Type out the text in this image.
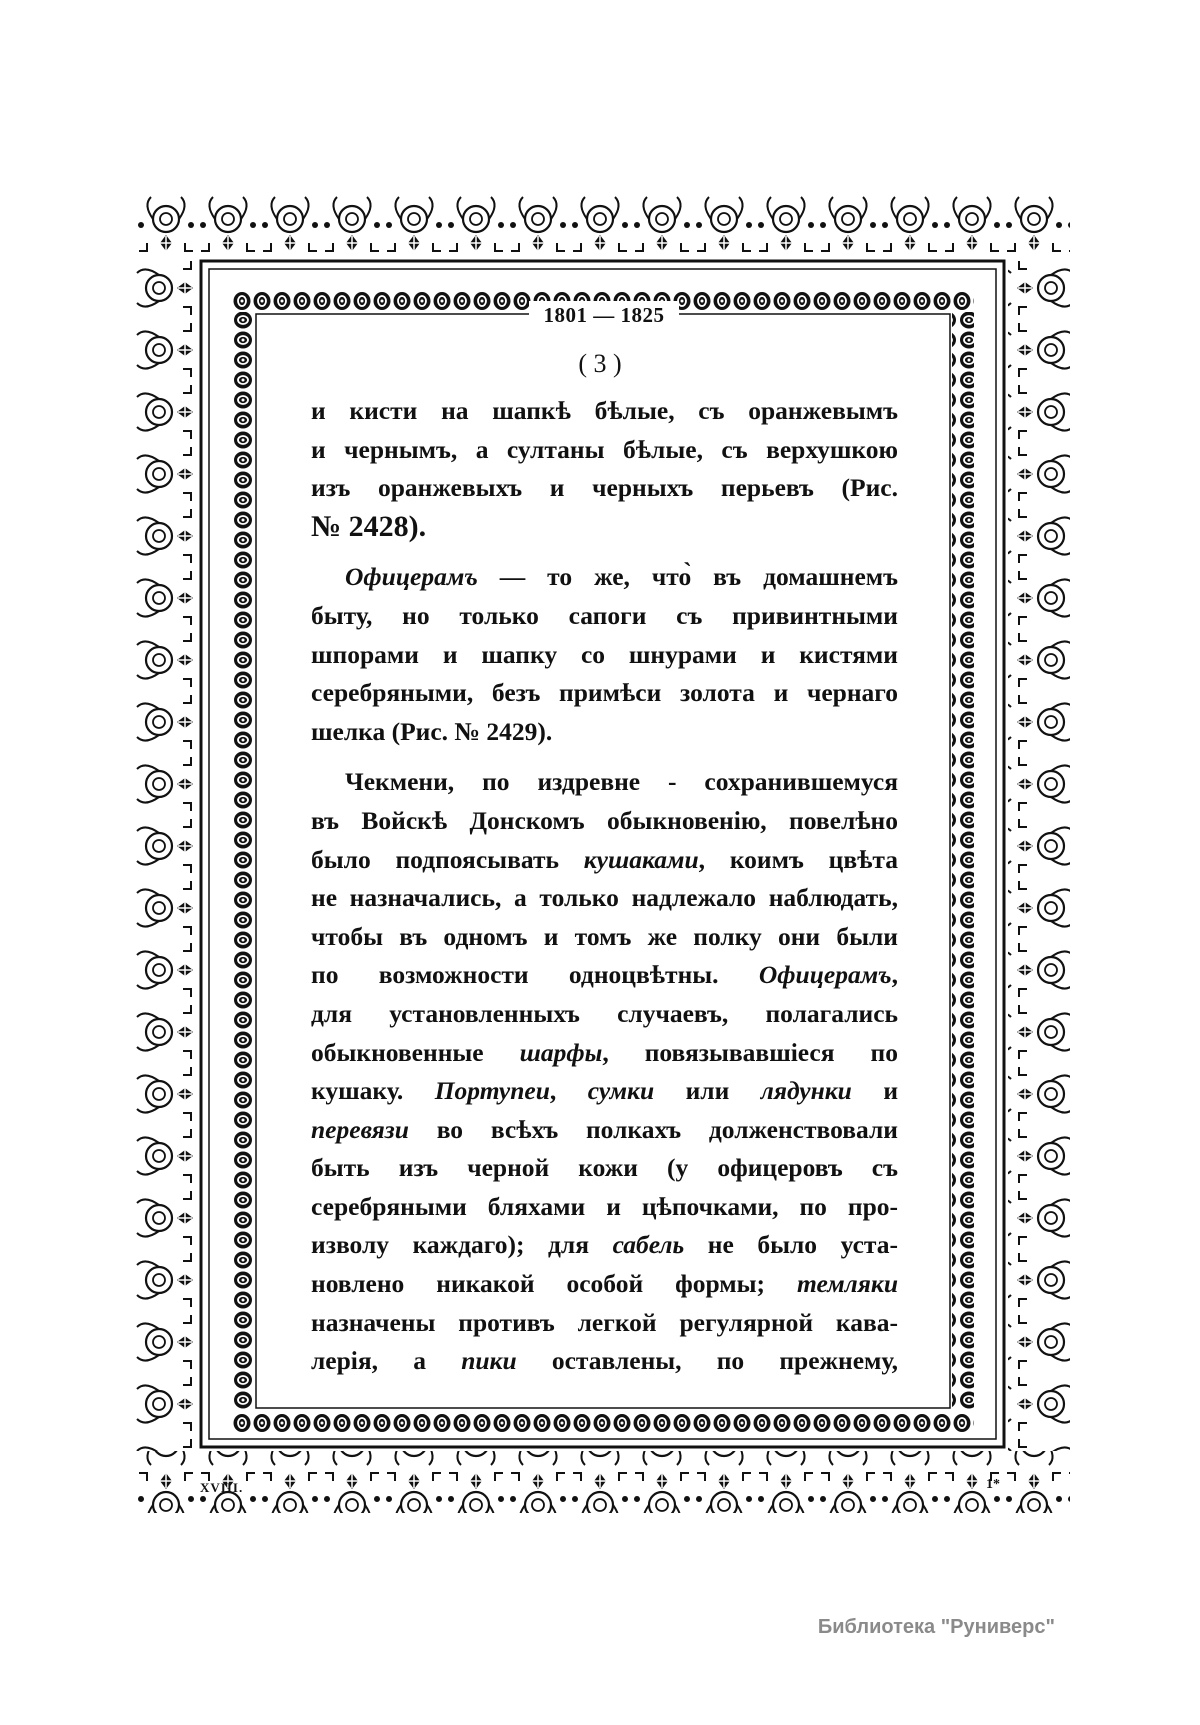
1801 — 1825
( 3 )

и кисти на шапкѣ бѣлые, съ оранжевымъ
и чернымъ, а султаны бѣлые, съ верхушкою
изъ оранжевыхъ и черныхъ перьевъ (Рис.
№ 2428).

Офицерамъ — то же, что̀ въ домашнемъ
быту, но только сапоги съ привинтными
шпорами и шапку со шнурами и кистями
серебряными, безъ примѣси золота и чернаго
шелка (Рис. № 2429).

Чекмени, по издревне - сохранившемуся
въ Войскѣ Донскомъ обыкновенію, повелѣно
было подпоясывать кушаками, коимъ цвѣта
не назначались, а только надлежало наблюдать,
чтобы въ одномъ и томъ же полку они были
по возможности одноцвѣтны. Офицерамъ,
для установленныхъ случаевъ, полагались
обыкновенные шарфы, повязывавшіеся по
кушаку. Портупеи, сумки или лядунки и
перевязи во всѣхъ полкахъ долженствовали
быть изъ черной кожи (у офицеровъ съ
серебряными бляхами и цѣпочками, по про-
изволу каждаго); для сабель не было уста-
новлено никакой особой формы; темляки
назначены противъ легкой регулярной кава-
лерія, а пики оставлены, по прежнему,

XVIII.	1*
Библиотека "Руниверс"
